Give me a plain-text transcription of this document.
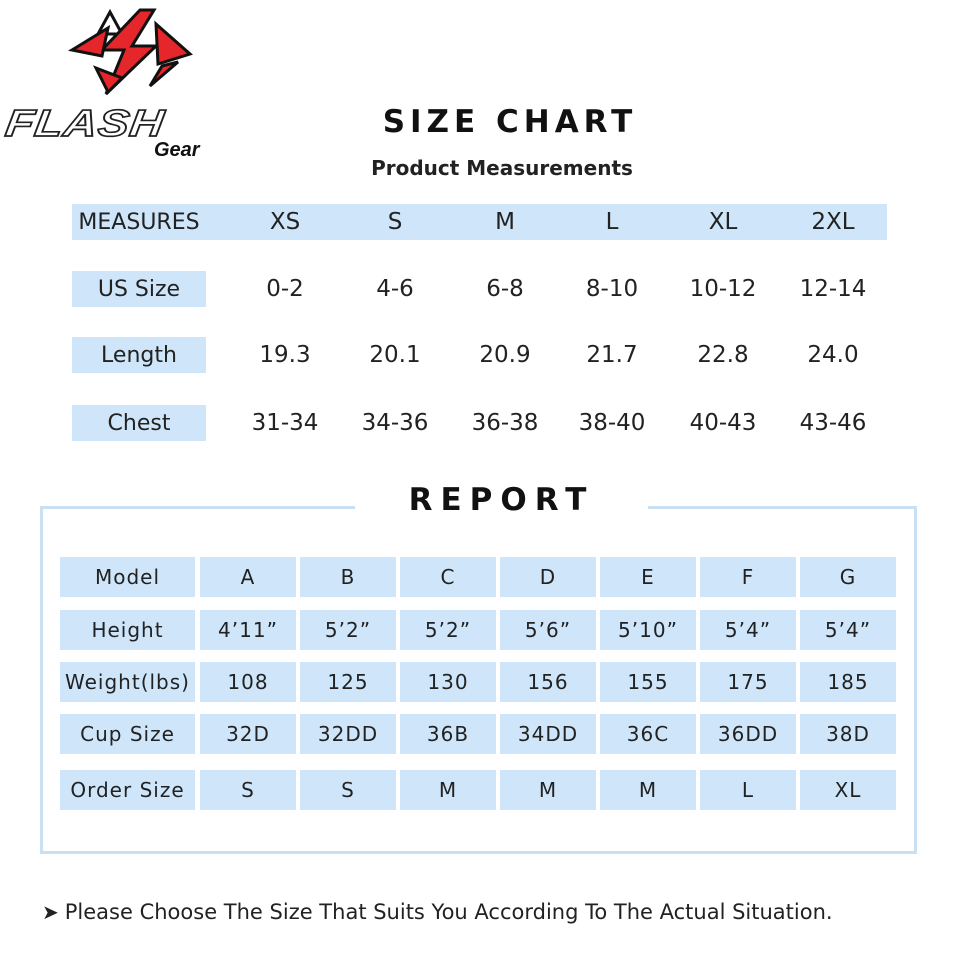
FLASH
Gear
SIZE CHART
Product Measurements
MEASURES	XS	S	M	L	XL	2XL
US Size	0-2	4-6	6-8	8-10	10-12	12-14
Length	19.3	20.1	20.9	21.7	22.8	24.0
Chest	31-34	34-36	36-38	38-40	40-43	43-46
REPORT
Model	A	B	C	D	E	F	G
Height	4’11”	5’2”	5’2”	5’6”	5’10”	5’4”	5’4”
Weight(lbs)	108	125	130	156	155	175	185
Cup Size	32D	32DD	36B	34DD	36C	36DD	38D
Order Size	S	S	M	M	M	L	XL
➤ Please Choose The Size That Suits You According To The Actual Situation.
